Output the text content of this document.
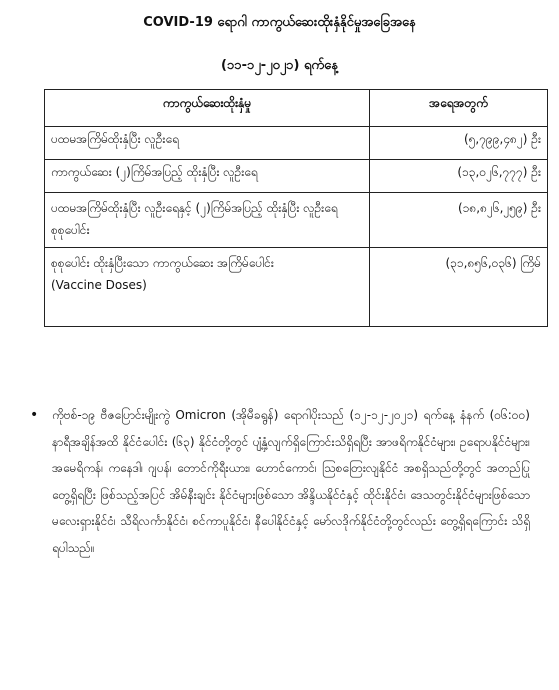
COVID-19 ရောဂါ ကာကွယ်ဆေးထိုးနှံနိုင်မှုအခြေအနေ
(၁၁-၁၂-၂၀၂၁) ရက်နေ့
ကာကွယ်ဆေးထိုးနှံမှု	အရေအတွက်
ပထမအကြိမ်ထိုးနှံပြီး လူဦးရေ	(၅,၇၉၉,၄၈၂) ဦး
ကာကွယ်ဆေး (၂)ကြိမ်အပြည့် ထိုးနှံပြီး လူဦးရေ	(၁၃,၀၂၆,၇၇၇) ဦး
ပထမအကြိမ်ထိုးနှံပြီး လူဦးရေနှင့် (၂)ကြိမ်အပြည့် ထိုးနှံပြီး လူဦးရေစုစုပေါင်း	(၁၈,၈၂၆,၂၅၉) ဦး

စုစုပေါင်း ထိုးနှံပြီးသော ကာကွယ်ဆေး အကြိမ်ပေါင်း
(Vaccine Doses)	(၃၁,၈၅၆,၀၃၆) ကြိမ်
• ကိုဗစ်-၁၉ ဗီဇပြောင်းမျိုးကွဲ Omicron (အိုမီခရွန်) ရောဂါပိုးသည် (၁၂-၁၂-၂၀၂၁) ရက်နေ့ နံနက် (၀၆:၀၀) နာရီအချိန်အထိ နိုင်ငံပေါင်း (၆၃) နိုင်ငံတို့တွင် ပျံ့နှံ့လျက်ရှိကြောင်းသိရှိရပြီး အာဖရိကနိုင်ငံများ၊ ဥရောပနိုင်ငံများ၊ အမေရိကန်၊ ကနေဒါ၊ ဂျပန်၊ တောင်ကိုရီးယား၊ ဟောင်ကောင်၊ ဩစတြေးလျနိုင်ငံ အစရှိသည်တို့တွင် အတည်ပြုတွေ့ရှိရပြီး ဖြစ်သည့်အပြင် အိမ်နီးချင်း နိုင်ငံများဖြစ်သော အိန္ဒိယနိုင်ငံနှင့် ထိုင်းနိုင်ငံ၊ ဒေသတွင်းနိုင်ငံများဖြစ်သော မလေးရှားနိုင်ငံ၊ သီရိလင်္ကာနိုင်ငံ၊ စင်ကာပူနိုင်ငံ၊ နီပေါနိုင်ငံနှင့် မော်လဒိုက်နိုင်ငံတို့တွင်လည်း တွေ့ရှိရကြောင်း သိရှိရပါသည်။
